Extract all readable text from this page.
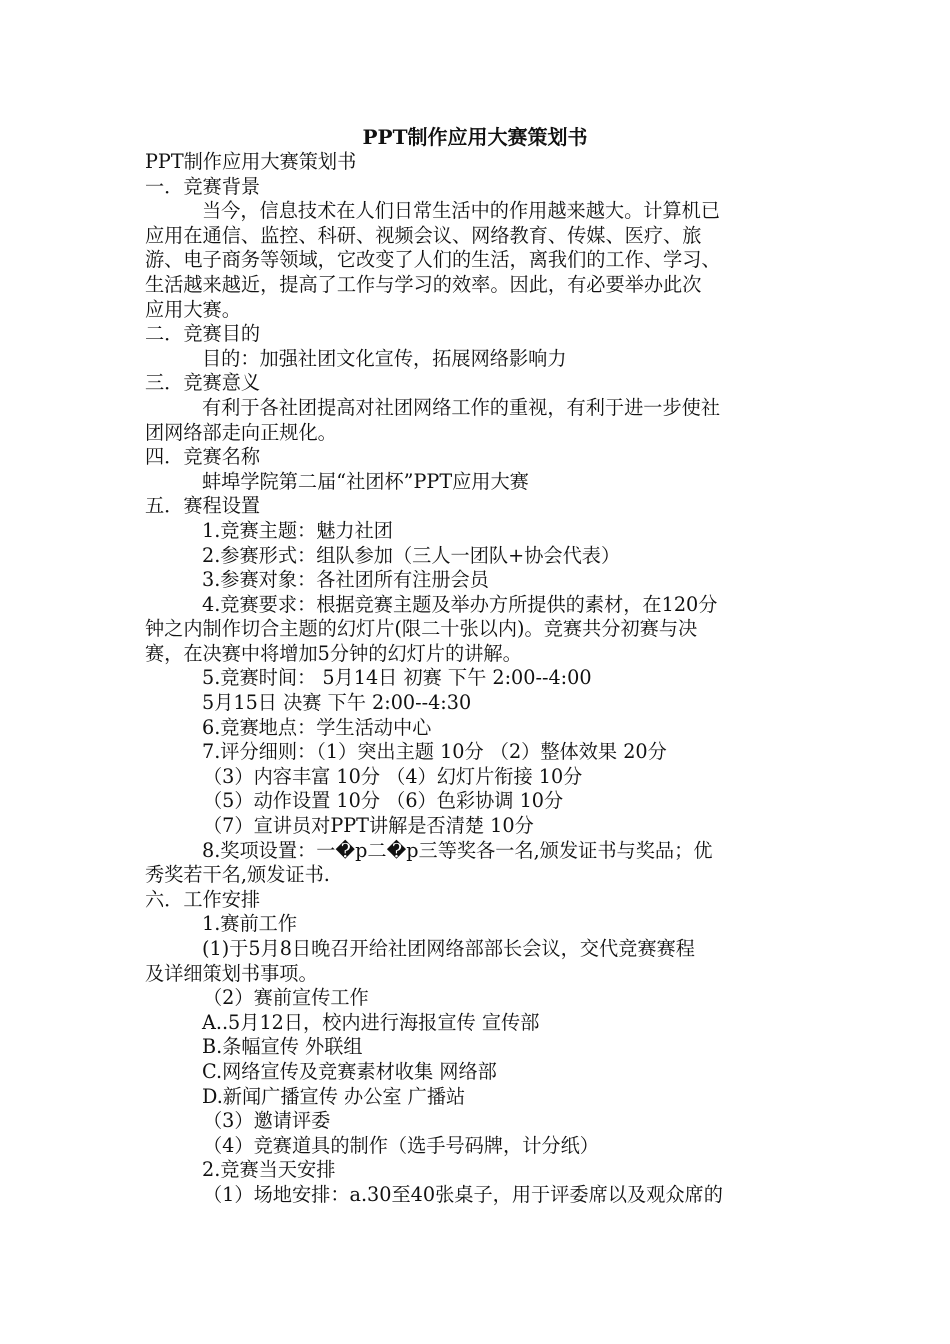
PPT制作应用大赛策划书
PPT制作应用大赛策划书
一．竞赛背景
当今，信息技术在人们日常生活中的作用越来越大。计算机已
应用在通信、监控、科研、视频会议、网络教育、传媒、医疗、旅
游、电子商务等领域，它改变了人们的生活，离我们的工作、学习、
生活越来越近，提高了工作与学习的效率。因此，有必要举办此次
应用大赛。
二．竞赛目的
目的：加强社团文化宣传，拓展网络影响力
三．竞赛意义
有利于各社团提高对社团网络工作的重视，有利于进一步使社
团网络部走向正规化。
四．竞赛名称
蚌埠学院第二届“社团杯”PPT应用大赛
五．赛程设置
1.竞赛主题：魅力社团
2.参赛形式：组队参加（三人一团队+协会代表）
3.参赛对象：各社团所有注册会员
4.竞赛要求：根据竞赛主题及举办方所提供的素材，在120分
钟之内制作切合主题的幻灯片(限二十张以内)。竞赛共分初赛与决
赛，在决赛中将增加5分钟的幻灯片的讲解。
5.竞赛时间： 5月14日 初赛 下午 2:00--4:00
5月15日 决赛 下午 2:00--4:30
6.竞赛地点：学生活动中心
7.评分细则：（1）突出主题 10分 （2）整体效果 20分
（3）内容丰富 10分 （4）幻灯片衔接 10分
（5）动作设置 10分 （6）色彩协调 10分
（7）宣讲员对PPT讲解是否清楚 10分
8.奖项设置：一�p二�p三等奖各一名,颁发证书与奖品；优
秀奖若干名,颁发证书.
六．工作安排
1.赛前工作
(1)于5月8日晚召开给社团网络部部长会议，交代竞赛赛程
及详细策划书事项。
（2）赛前宣传工作
A..5月12日，校内进行海报宣传 宣传部
B.条幅宣传 外联组
C.网络宣传及竞赛素材收集 网络部
D.新闻广播宣传 办公室 广播站
（3）邀请评委
（4）竞赛道具的制作（选手号码牌，计分纸）
2.竞赛当天安排
（1）场地安排：a.30至40张桌子，用于评委席以及观众席的
